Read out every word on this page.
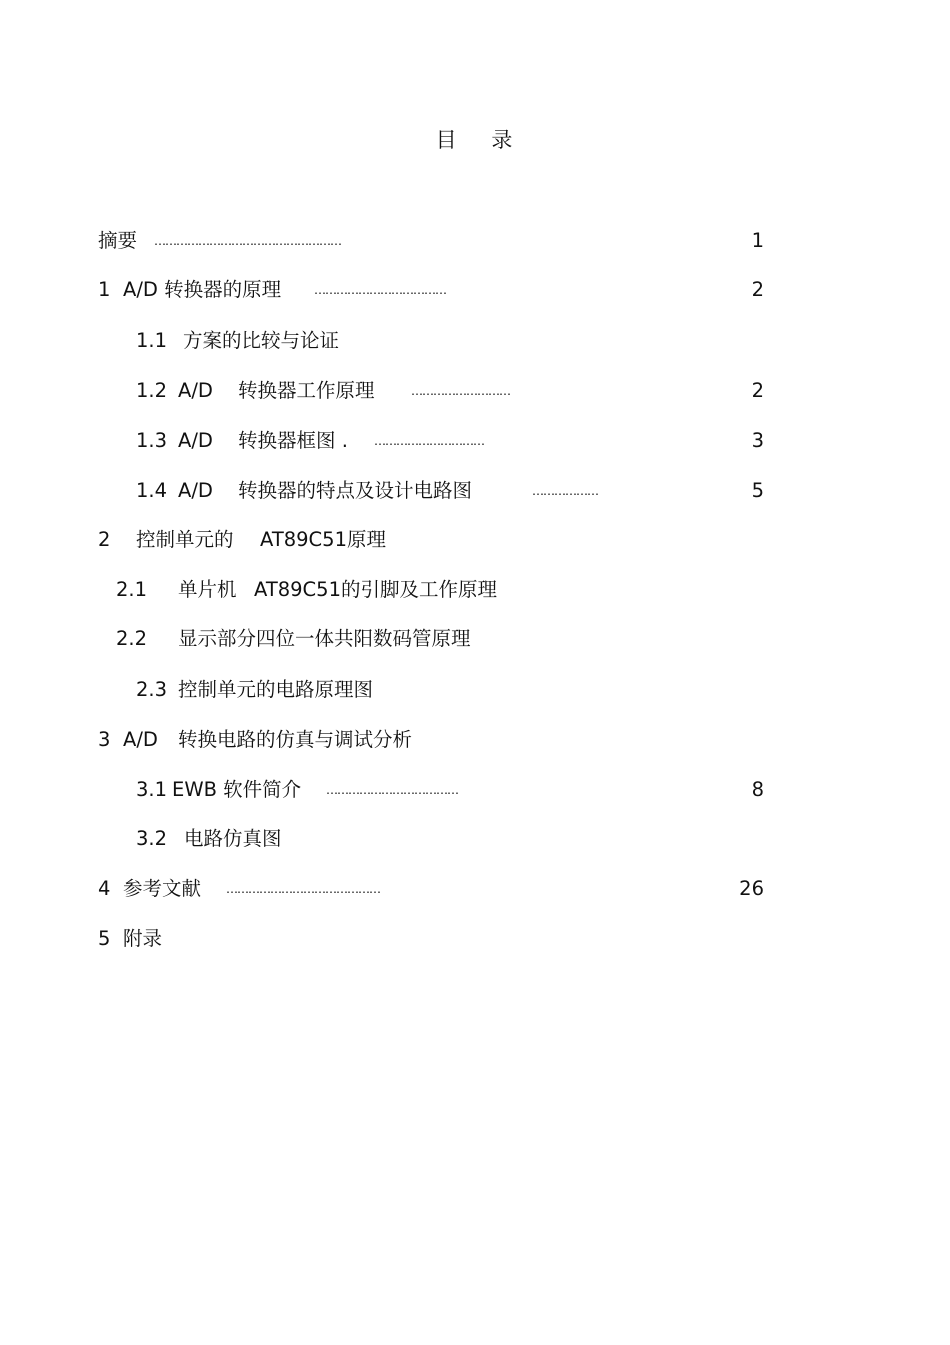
目 录
摘要 ……………………………………………	1
1 A/D 转换器的原理	………………………………	2
1.1 方案的比较与论证
1.2 A/D 转换器工作原理	………………………	2
1.3 A/D 转换器框图 . …………………………	3
1.4 A/D 转换器的特点及设计电路图	………………	5
2 控制单元的 AT89C51原理
2.1 单片机 AT89C51的引脚及工作原理
2.2 显示部分四位一体共阳数码管原理
2.3 控制单元的电路原理图
3 A/D 转换电路的仿真与调试分析
3.1 EWB 软件简介 ………………………………	8
3.2 电路仿真图
4 参考文献 ……………………………………	26
5 附录
